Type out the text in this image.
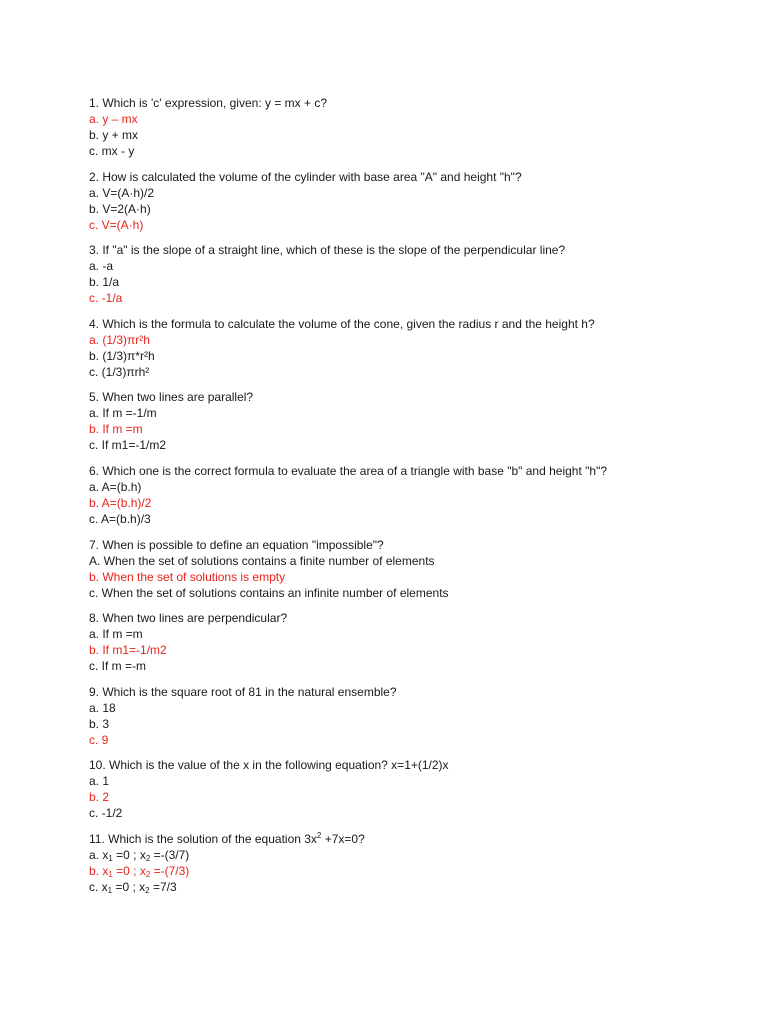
1. Which is 'c' expression, given: y = mx + c?
a. y – mx
b. y + mx
c. mx - y
2. How is calculated the volume of the cylinder with base area "A" and height "h"?
a. V=(A·h)/2
b. V=2(A·h)
c. V=(A·h)
3. If "a" is the slope of a straight line, which of these is the slope of the perpendicular line?
a. -a
b. 1/a
c. -1/a
4. Which is the formula to calculate the volume of the cone, given the radius r and the height h?
a. (1/3)πr²h
b. (1/3)π*r²h
c. (1/3)πrh²
5. When two lines are parallel?
a. If m =-1/m
b. If m =m
c. If m1=-1/m2
6. Which one is the correct formula to evaluate the area of a triangle with base "b" and height "h"?
a. A=(b.h)
b. A=(b.h)/2
c. A=(b.h)/3
7. When is possible to define an equation "impossible"?
A. When the set of solutions contains a finite number of elements
b. When the set of solutions is empty
c. When the set of solutions contains an infinite number of elements
8. When two lines are perpendicular?
a. If m =m
b. If m1=-1/m2
c. If m =-m
9. Which is the square root of 81 in the natural ensemble?
a. 18
b. 3
c. 9
10. Which is the value of the x in the following equation? x=1+(1/2)x
a. 1
b. 2
c. -1/2
11. Which is the solution of the equation $3x^2 +7x=0$?
a. $x_1 =0$ ; $x_2 =-(3/7)$
b. $x_1 =0$ ; $x_2 =-(7/3)$
c. $x_1 =0$ ; $x_2 =7/3$
